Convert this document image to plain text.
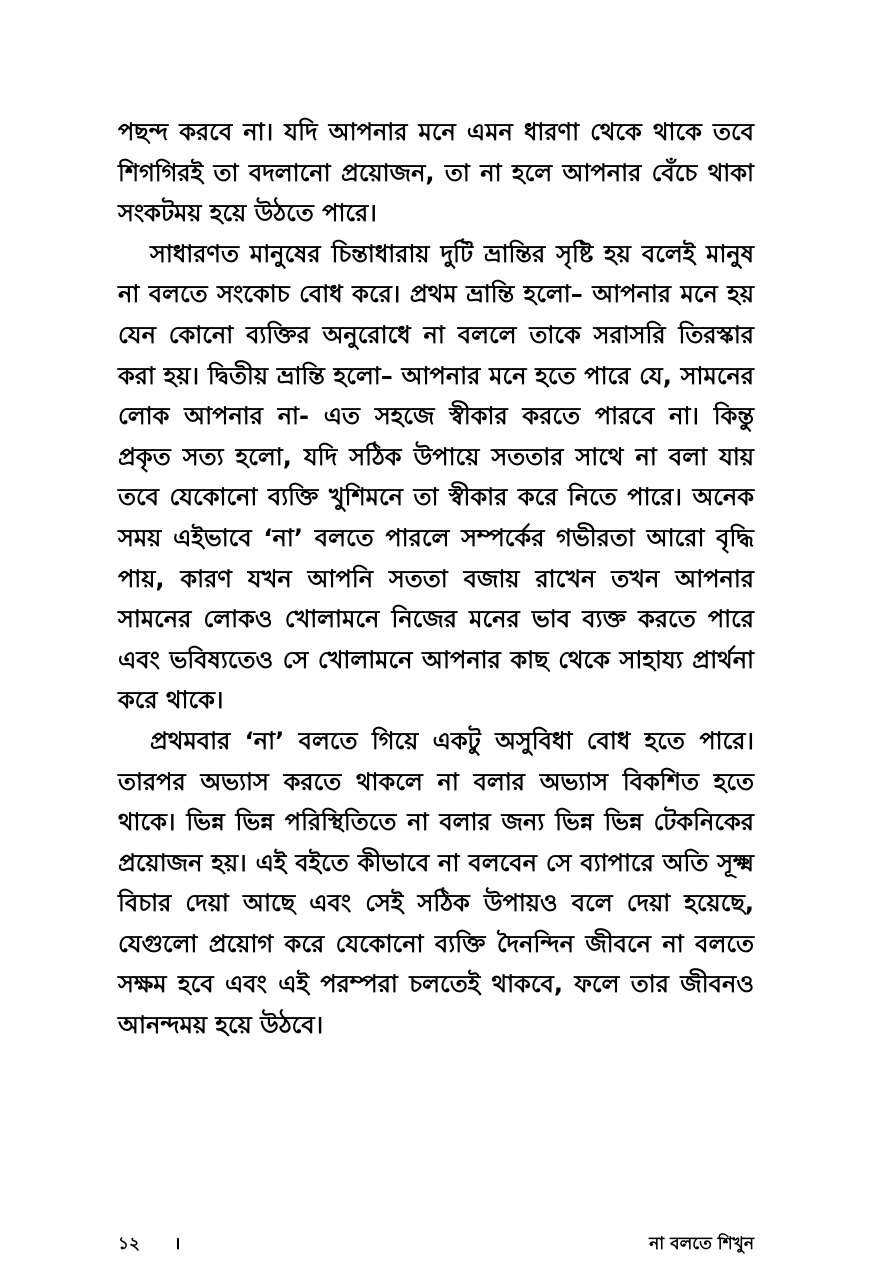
পছন্দ করবে না। যদি আপনার মনে এমন ধারণা থেকে থাকে তবে শিগগিরই তা বদলানো প্রয়োজন, তা না হলে আপনার বেঁচে থাকা সংকটময় হয়ে উঠতে পারে।

সাধারণত মানুষের চিন্তাধারায় দুটি ভ্রান্তির সৃষ্টি হয় বলেই মানুষ না বলতে সংকোচ বোধ করে। প্রথম ভ্রান্তি হলো– আপনার মনে হয় যেন কোনো ব্যক্তির অনুরোধে না বললে তাকে সরাসরি তিরস্কার করা হয়। দ্বিতীয় ভ্রান্তি হলো– আপনার মনে হতে পারে যে, সামনের লোক আপনার না- এত সহজে স্বীকার করতে পারবে না। কিন্তু প্রকৃত সত্য হলো, যদি সঠিক উপায়ে সততার সাথে না বলা যায় তবে যেকোনো ব্যক্তি খুশিমনে তা স্বীকার করে নিতে পারে। অনেক সময় এইভাবে ‘না’ বলতে পারলে সম্পর্কের গভীরতা আরো বৃদ্ধি পায়, কারণ যখন আপনি সততা বজায় রাখেন তখন আপনার সামনের লোকও খোলামনে নিজের মনের ভাব ব্যক্ত করতে পারে এবং ভবিষ্যতেও সে খোলামনে আপনার কাছ থেকে সাহায্য প্রার্থনা করে থাকে।

প্রথমবার ‘না’ বলতে গিয়ে একটু অসুবিধা বোধ হতে পারে। তারপর অভ্যাস করতে থাকলে না বলার অভ্যাস বিকশিত হতে থাকে। ভিন্ন ভিন্ন পরিস্থিতিতে না বলার জন্য ভিন্ন ভিন্ন টেকনিকের প্রয়োজন হয়। এই বইতে কীভাবে না বলবেন সে ব্যাপারে অতি সূক্ষ্ম বিচার দেয়া আছে এবং সেই সঠিক উপায়ও বলে দেয়া হয়েছে, যেগুলো প্রয়োগ করে যেকোনো ব্যক্তি দৈনন্দিন জীবনে না বলতে সক্ষম হবে এবং এই পরম্পরা চলতেই থাকবে, ফলে তার জীবনও আনন্দময় হয়ে উঠবে।

১২ ।	না বলতে শিখুন
